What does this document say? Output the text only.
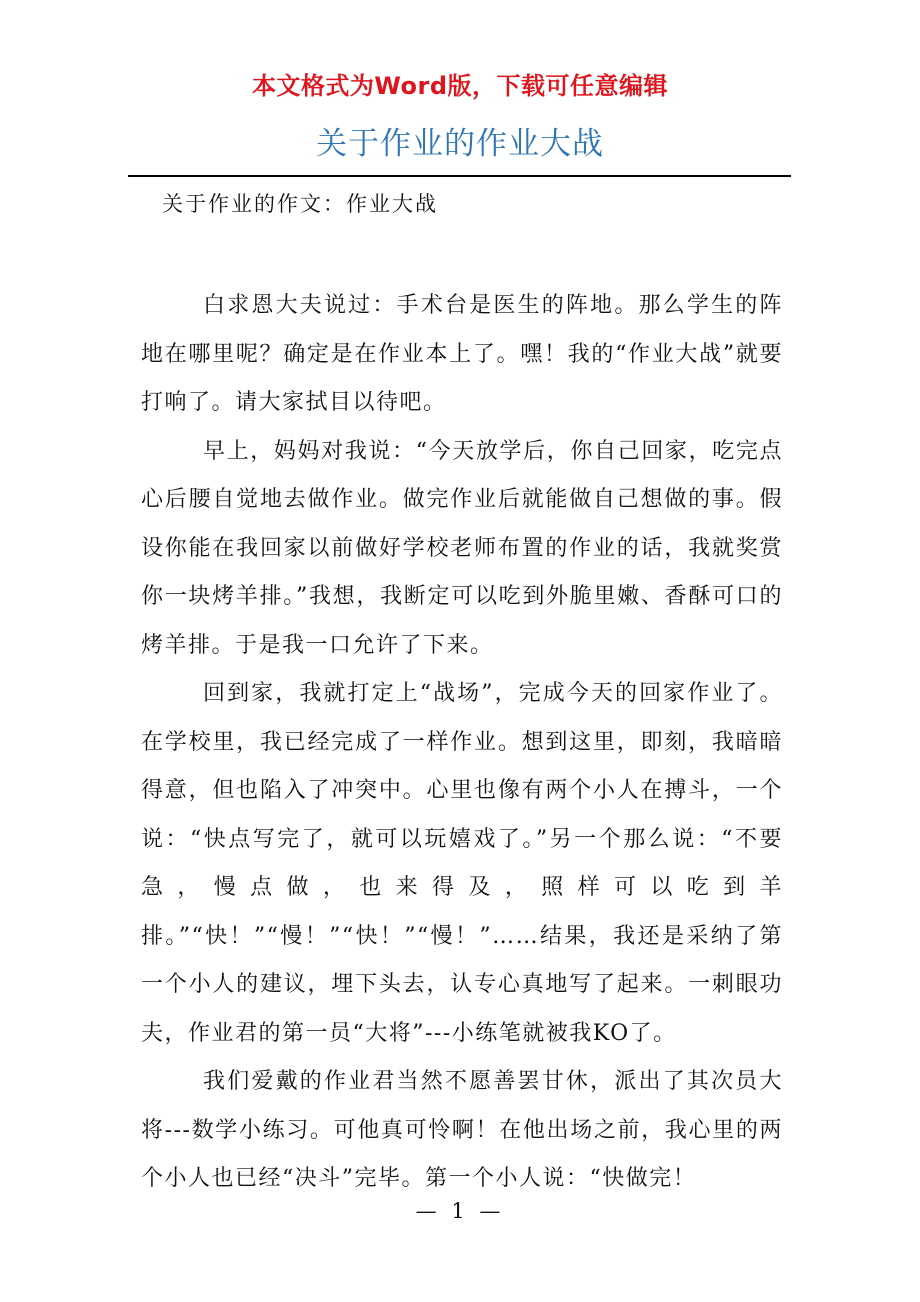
本文格式为Word版，下载可任意编辑
关于作业的作业大战
关于作业的作文：作业大战

白求恩大夫说过：手术台是医生的阵地。那么学生的阵地在哪里呢？确定是在作业本上了。嘿！我的“作业大战”就要打响了。请大家拭目以待吧。

早上，妈妈对我说：“今天放学后，你自己回家，吃完点心后腰自觉地去做作业。做完作业后就能做自己想做的事。假设你能在我回家以前做好学校老师布置的作业的话，我就奖赏你一块烤羊排。”我想，我断定可以吃到外脆里嫩、香酥可口的烤羊排。于是我一口允许了下来。

回到家，我就打定上“战场”，完成今天的回家作业了。在学校里，我已经完成了一样作业。想到这里，即刻，我暗暗得意，但也陷入了冲突中。心里也像有两个小人在搏斗，一个说：“快点写完了，就可以玩嬉戏了。”另一个那么说：“不要急，慢点做，也来得及，照样可以吃到羊排。”“快！”“慢！”“快！”“慢！”……结果，我还是采纳了第一个小人的建议，埋下头去，认专心真地写了起来。一刺眼功夫，作业君的第一员“大将”---小练笔就被我KO了。

我们爱戴的作业君当然不愿善罢甘休，派出了其次员大将---数学小练习。可他真可怜啊！在他出场之前，我心里的两个小人也已经“决斗”完毕。第一个小人说：“快做完！

— 1 —
